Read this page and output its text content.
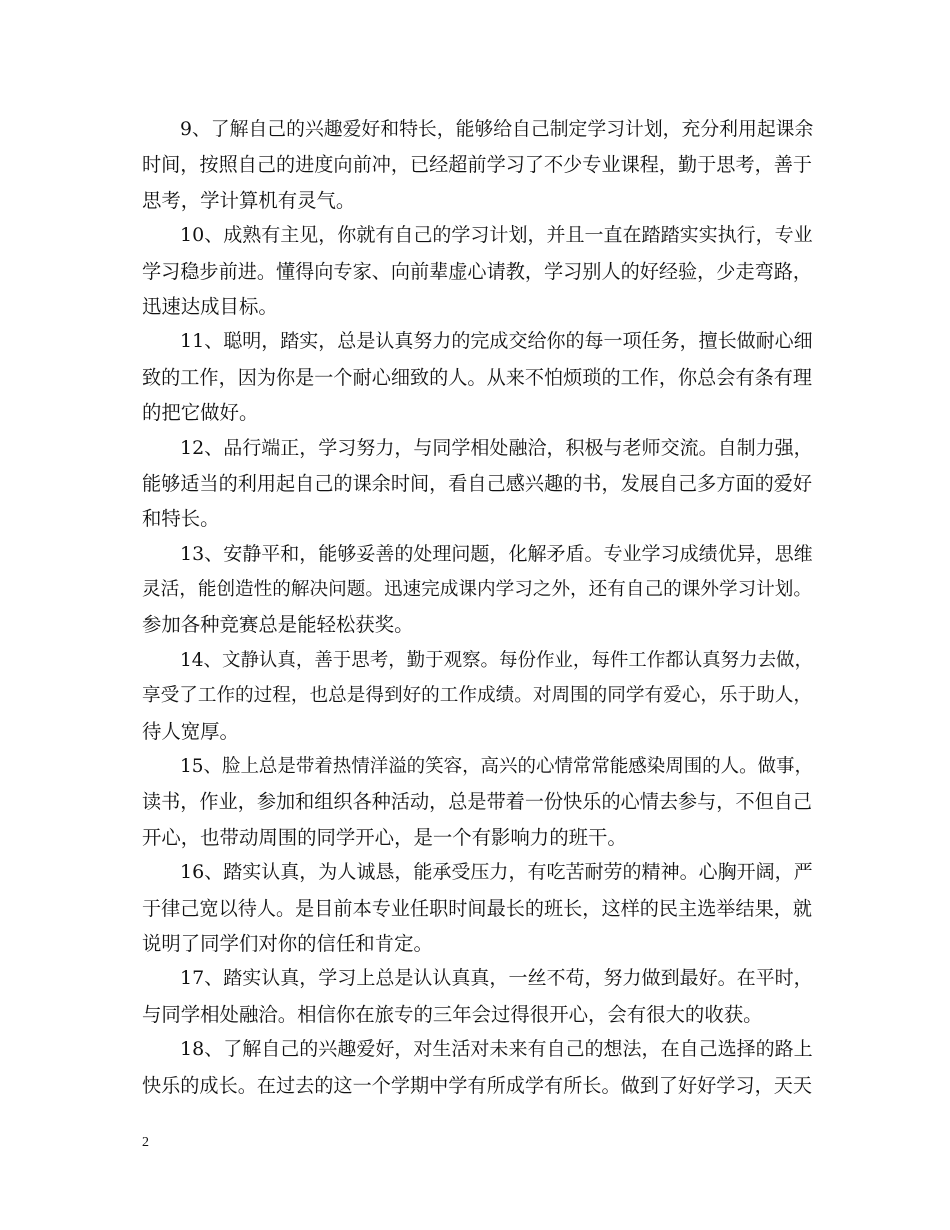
9、了解自己的兴趣爱好和特长，能够给自己制定学习计划，充分利用起课余
时间，按照自己的进度向前冲，已经超前学习了不少专业课程，勤于思考，善于
思考，学计算机有灵气。
10、成熟有主见，你就有自己的学习计划，并且一直在踏踏实实执行，专业
学习稳步前进。懂得向专家、向前辈虚心请教，学习别人的好经验，少走弯路，
迅速达成目标。
11、聪明，踏实，总是认真努力的完成交给你的每一项任务，擅长做耐心细
致的工作，因为你是一个耐心细致的人。从来不怕烦琐的工作，你总会有条有理
的把它做好。
12、品行端正，学习努力，与同学相处融洽，积极与老师交流。自制力强，
能够适当的利用起自己的课余时间，看自己感兴趣的书，发展自己多方面的爱好
和特长。
13、安静平和，能够妥善的处理问题，化解矛盾。专业学习成绩优异，思维
灵活，能创造性的解决问题。迅速完成课内学习之外，还有自己的课外学习计划。
参加各种竞赛总是能轻松获奖。
14、文静认真，善于思考，勤于观察。每份作业，每件工作都认真努力去做，
享受了工作的过程，也总是得到好的工作成绩。对周围的同学有爱心，乐于助人，
待人宽厚。
15、脸上总是带着热情洋溢的笑容，高兴的心情常常能感染周围的人。做事，
读书，作业，参加和组织各种活动，总是带着一份快乐的心情去参与，不但自己
开心，也带动周围的同学开心，是一个有影响力的班干。
16、踏实认真，为人诚恳，能承受压力，有吃苦耐劳的精神。心胸开阔，严
于律己宽以待人。是目前本专业任职时间最长的班长，这样的民主选举结果，就
说明了同学们对你的信任和肯定。
17、踏实认真，学习上总是认认真真，一丝不苟，努力做到最好。在平时，
与同学相处融洽。相信你在旅专的三年会过得很开心，会有很大的收获。
18、了解自己的兴趣爱好，对生活对未来有自己的想法，在自己选择的路上
快乐的成长。在过去的这一个学期中学有所成学有所长。做到了好好学习，天天
2
